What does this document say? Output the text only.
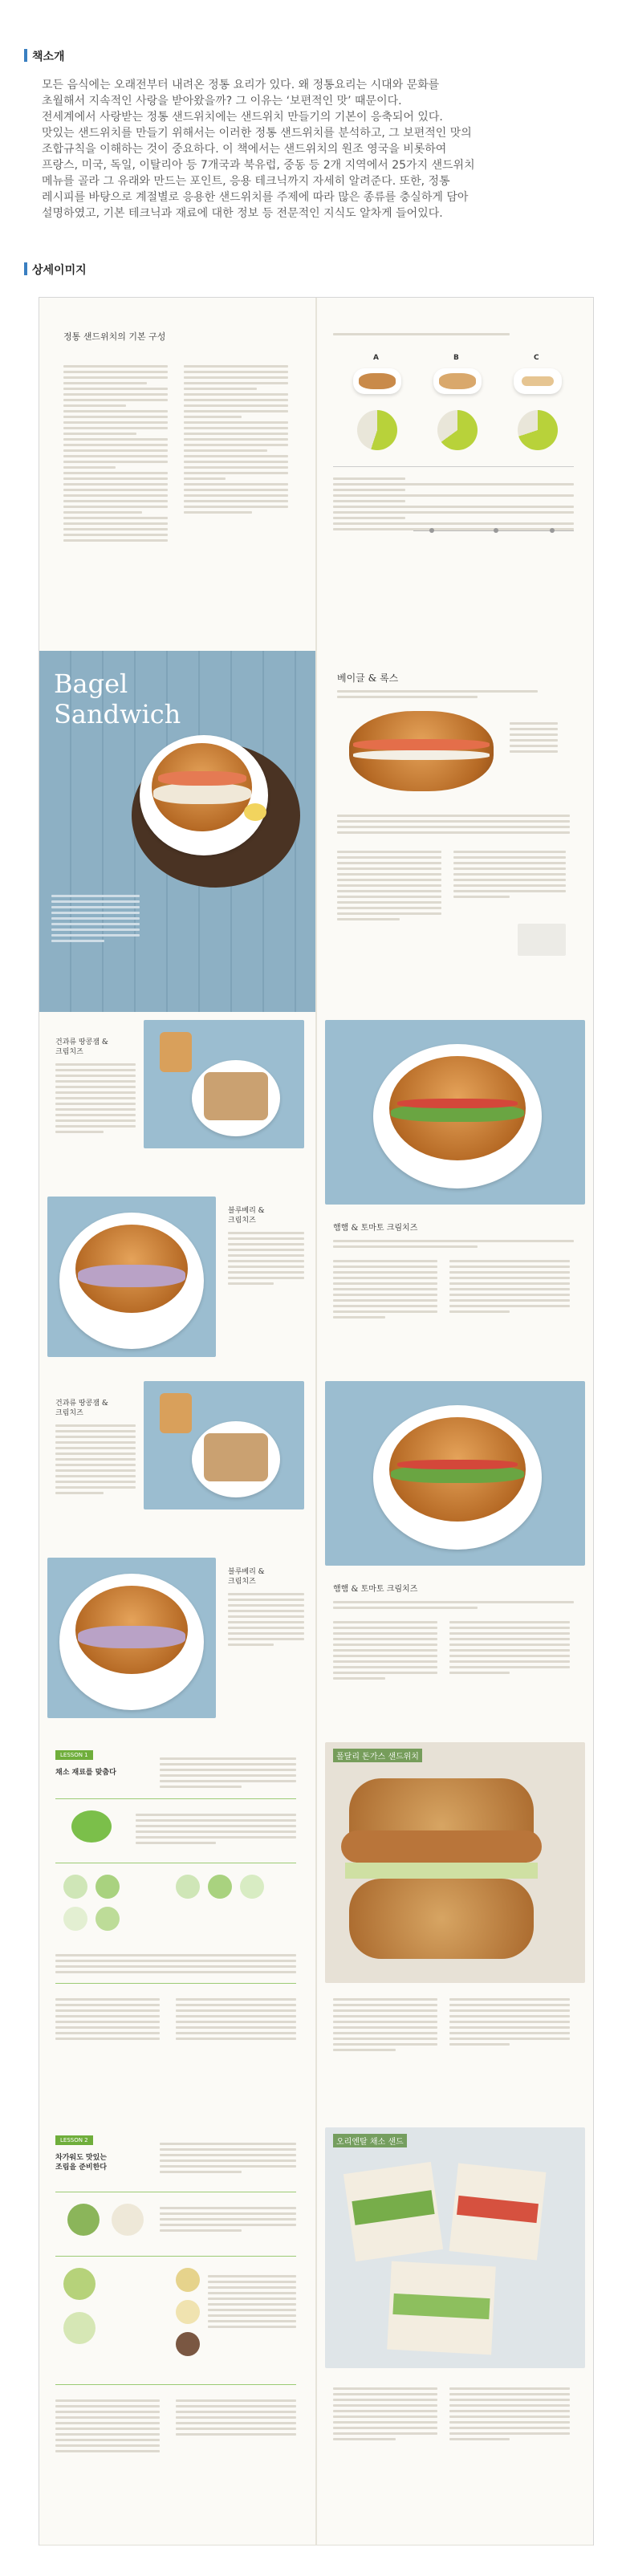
책소개

모든 음식에는 오래전부터 내려온 정통 요리가 있다. 왜 정통요리는 시대와 문화를

초월해서 지속적인 사랑을 받아왔을까? 그 이유는 ‘보편적인 맛’ 때문이다.

전세계에서 사랑받는 정통 샌드위치에는 샌드위치 만들기의 기본이 응축되어 있다.

맛있는 샌드위치를 만들기 위해서는 이러한 정통 샌드위치를 분석하고, 그 보편적인 맛의

조합규칙을 이해하는 것이 중요하다. 이 책에서는 샌드위치의 원조 영국을 비롯하여

프랑스, 미국, 독일, 이탈리아 등 7개국과 북유럽, 중동 등 2개 지역에서 25가지 샌드위치

메뉴를 골라 그 유래와 만드는 포인트, 응용 테크닉까지 자세히 알려준다. 또한, 정통

레시피를 바탕으로 계절별로 응용한 샌드위치를 주제에 따라 많은 종류를 충실하게 담아

설명하였고, 기본 테크닉과 재료에 대한 정보 등 전문적인 지식도 알차게 들어있다.

상세이미지
정통 샌드위치의 기본 구성
A	B	C
Bagel
Sandwich
베이글 & 록스
건과류 땅콩잼 &
크림치즈
블루베리 &
크림치즈
햄햄 & 토마토 크림치즈
건과류 땅콩잼 &
크림치즈
블루베리 &
크림치즈
햄햄 & 토마토 크림치즈
LESSON 1
채소 재료를 맞춤다
폴달리 돈가스 샌드위치
LESSON 2
차가워도 맛있는
조림을 준비한다
오리엔탈 채소 샌드
